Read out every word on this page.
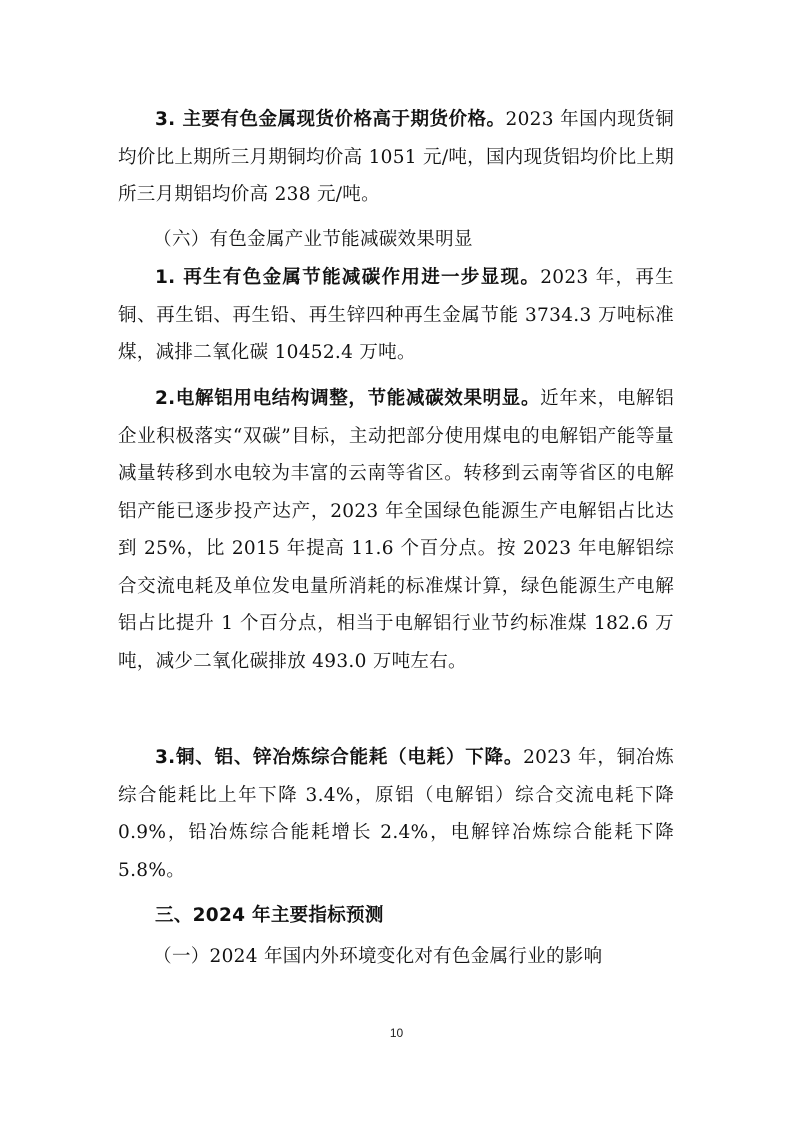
3. 主要有色金属现货价格高于期货价格。2023 年国内现货铜均价比上期所三月期铜均价高 1051 元/吨，国内现货铝均价比上期所三月期铝均价高 238 元/吨。

（六）有色金属产业节能减碳效果明显

1. 再生有色金属节能减碳作用进一步显现。2023 年，再生铜、再生铝、再生铅、再生锌四种再生金属节能 3734.3 万吨标准煤，减排二氧化碳 10452.4 万吨。

2.电解铝用电结构调整，节能减碳效果明显。近年来，电解铝企业积极落实“双碳”目标，主动把部分使用煤电的电解铝产能等量减量转移到水电较为丰富的云南等省区。转移到云南等省区的电解铝产能已逐步投产达产，2023 年全国绿色能源生产电解铝占比达到 25%，比 2015 年提高 11.6 个百分点。按 2023 年电解铝综合交流电耗及单位发电量所消耗的标准煤计算，绿色能源生产电解铝占比提升 1 个百分点，相当于电解铝行业节约标准煤 182.6 万吨，减少二氧化碳排放 493.0 万吨左右。

3.铜、铝、锌冶炼综合能耗（电耗）下降。2023 年，铜冶炼综合能耗比上年下降 3.4%，原铝（电解铝）综合交流电耗下降 0.9%，铅冶炼综合能耗增长 2.4%，电解锌冶炼综合能耗下降 5.8%。

三、2024 年主要指标预测

（一）2024 年国内外环境变化对有色金属行业的影响

10
